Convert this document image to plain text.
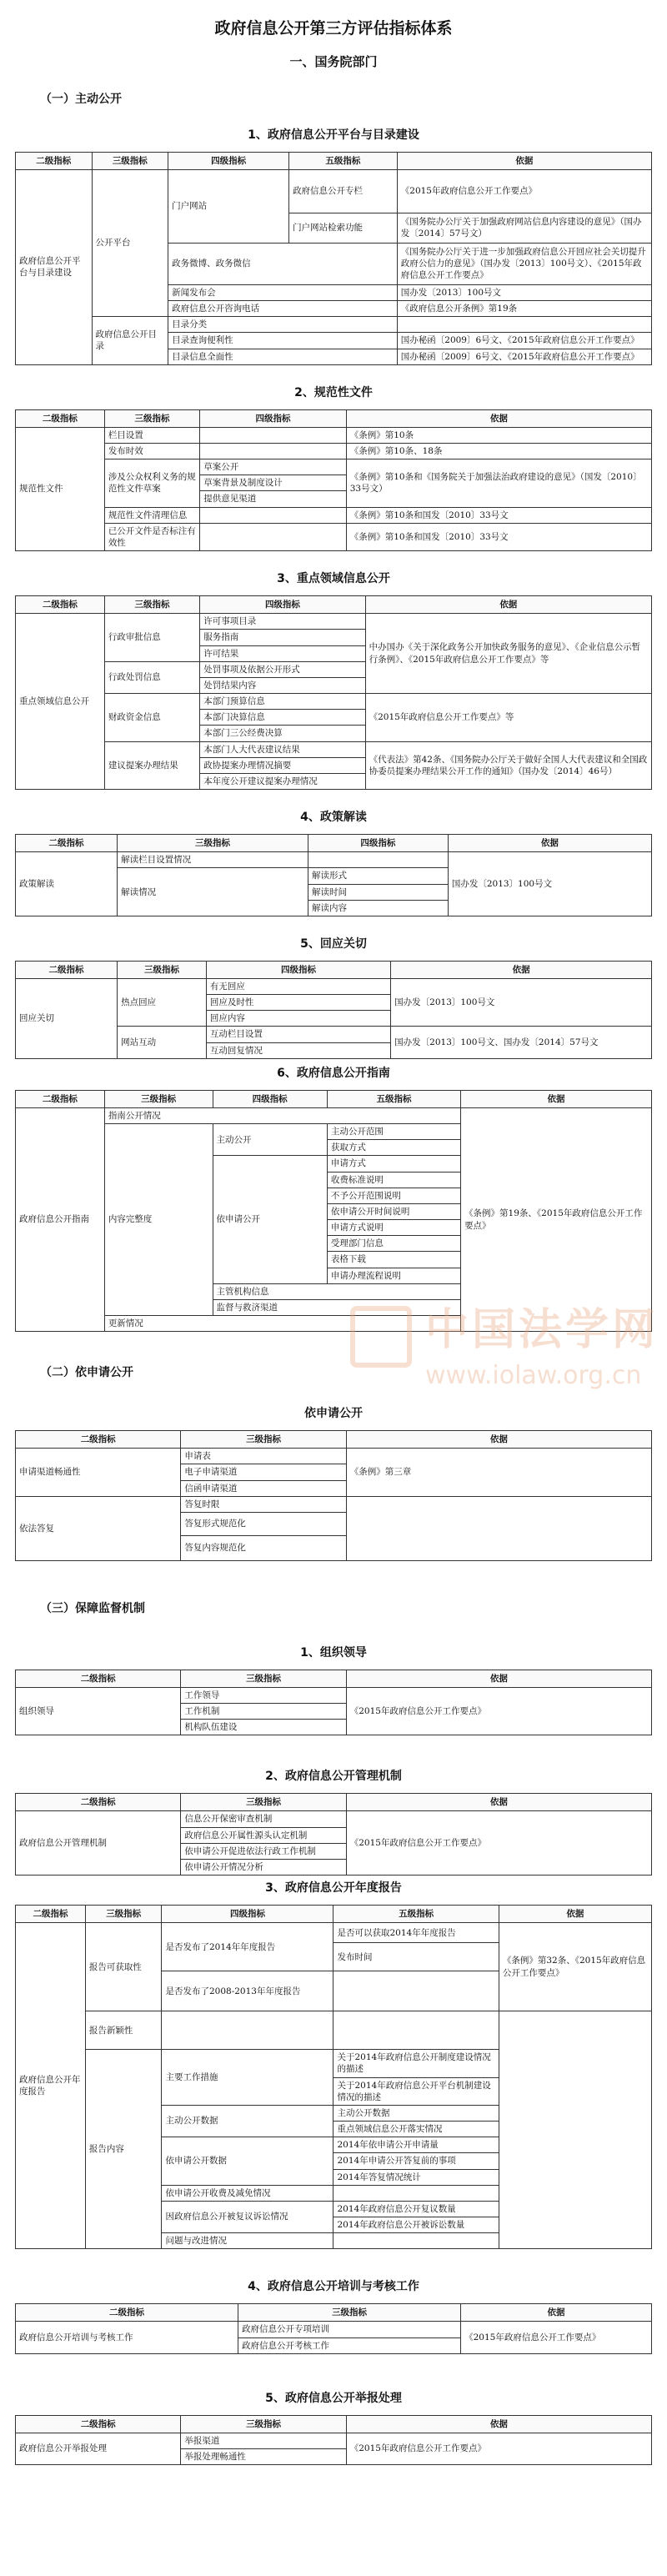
政府信息公开第三方评估指标体系
一、国务院部门
（一）主动公开
1、政府信息公开平台与目录建设
二级指标	三级指标	四级指标	五级指标	依据
政府信息公开平台与目录建设	公开平台	门户网站	政府信息公开专栏	《2015年政府信息公开工作要点》
			门户网站检索功能	《国务院办公厅关于加强政府网站信息内容建设的意见》（国办发〔2014〕57号文）
		政务微博、政务微信		《国务院办公厅关于进一步加强政府信息公开回应社会关切提升政府公信力的意见》（国办发〔2013〕100号文）、《2015年政府信息公开工作要点》
		新闻发布会		国办发〔2013〕100号文
		政府信息公开咨询电话		《政府信息公开条例》第19条
	政府信息公开目录	目录分类		
		目录查询便利性		国办秘函〔2009〕6号文、《2015年政府信息公开工作要点》
		目录信息全面性		国办秘函〔2009〕6号文、《2015年政府信息公开工作要点》
2、规范性文件
二级指标	三级指标	四级指标	依据
规范性文件	栏目设置		《条例》第10条
	发布时效		《条例》第10条、18条
	涉及公众权利义务的规范性文件草案	草案公开	《条例》第10条和《国务院关于加强法治政府建设的意见》（国发〔2010〕33号文）
		草案背景及制度设计	
		提供意见渠道	
	规范性文件清理信息		《条例》第10条和国发〔2010〕33号文
	已公开文件是否标注有效性		《条例》第10条和国发〔2010〕33号文
3、重点领域信息公开
二级指标	三级指标	四级指标	依据
重点领域信息公开	行政审批信息	许可事项目录	中办国办《关于深化政务公开加快政务服务的意见》、《企业信息公示暂行条例》、《2015年政府信息公开工作要点》等
		服务指南	
		许可结果	
	行政处罚信息	处罚事项及依据公开形式	
		处罚结果内容	
	财政资金信息	本部门预算信息	《2015年政府信息公开工作要点》等
		本部门决算信息	
		本部门三公经费决算	
	建议提案办理结果	本部门人大代表建议结果	《代表法》第42条、《国务院办公厅关于做好全国人大代表建议和全国政协委员提案办理结果公开工作的通知》（国办发〔2014〕46号）
		政协提案办理情况摘要	
		本年度公开建议提案办理情况	
4、政策解读
二级指标	三级指标	四级指标	依据
政策解读	解读栏目设置情况		国办发〔2013〕100号文
	解读情况	解读形式	
		解读时间	
		解读内容	
5、回应关切
二级指标	三级指标	四级指标	依据
回应关切	热点回应	有无回应	国办发〔2013〕100号文
		回应及时性	
		回应内容	
	网站互动	互动栏目设置	国办发〔2013〕100号文、国办发〔2014〕57号文
		互动回复情况	
6、政府信息公开指南
二级指标	三级指标	四级指标	五级指标	依据
政府信息公开指南	指南公开情况			《条例》第19条、《2015年政府信息公开工作要点》
	内容完整度	主动公开	主动公开范围	
			获取方式	
		依申请公开	申请方式	
			收费标准说明	
			不予公开范围说明	
			依申请公开时间说明	
			申请方式说明	
			受理部门信息	
			表格下载	
			申请办理流程说明	
		主管机构信息		
		监督与救济渠道		
	更新情况			
（二）依申请公开
依申请公开
二级指标	三级指标	依据
申请渠道畅通性	申请表	《条例》第三章
	电子申请渠道	
	信函申请渠道	
依法答复	答复时限	
	答复形式规范化	
	答复内容规范化	
（三）保障监督机制
1、组织领导
二级指标	三级指标	依据
组织领导	工作领导	《2015年政府信息公开工作要点》
	工作机制	
	机构队伍建设	
2、政府信息公开管理机制
二级指标	三级指标	依据
政府信息公开管理机制	信息公开保密审查机制	《2015年政府信息公开工作要点》
	政府信息公开属性源头认定机制	
	依申请公开促进依法行政工作机制	
	依申请公开情况分析	
3、政府信息公开年度报告
二级指标	三级指标	四级指标	五级指标	依据
政府信息公开年度报告	报告可获取性	是否发布了2014年年度报告	是否可以获取2014年年度报告	《条例》第32条、《2015年政府信息公开工作要点》
			发布时间	
		是否发布了2008-2013年年度报告		
	报告新颖性			
	报告内容	主要工作措施	关于2014年政府信息公开制度建设情况的描述	
			关于2014年政府信息公开平台机制建设情况的描述	
		主动公开数据	主动公开数据	
			重点领域信息公开落实情况	
		依申请公开数据	2014年依申请公开申请量	
			2014年申请公开答复前的事项	
			2014年答复情况统计	
		依申请公开收费及减免情况		
		因政府信息公开被复议诉讼情况	2014年政府信息公开复议数量	
			2014年政府信息公开被诉讼数量	
		问题与改进情况		
4、政府信息公开培训与考核工作
二级指标	三级指标	依据
政府信息公开培训与考核工作	政府信息公开专项培训	《2015年政府信息公开工作要点》
	政府信息公开考核工作	
5、政府信息公开举报处理
二级指标	三级指标	依据
政府信息公开举报处理	举报渠道	《2015年政府信息公开工作要点》
	举报处理畅通性	
中国法学网
www.iolaw.org.cn
